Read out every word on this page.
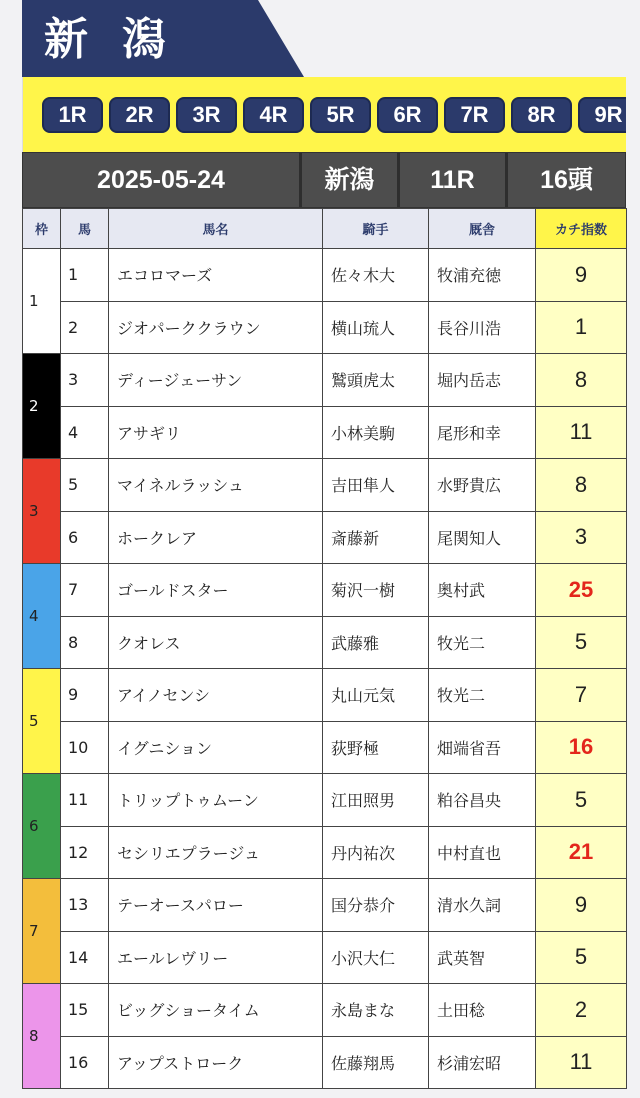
新潟
1R	2R	3R	4R	5R	6R	7R	8R	9R
2025-05-24	新潟	11R	16頭
枠	馬	馬名	騎手	厩舎	カチ指数
1	1	エコロマーズ	佐々木大	牧浦充徳	9
	2	ジオパーククラウン	横山琉人	長谷川浩	1
2	3	ディージェーサン	鷲頭虎太	堀内岳志	8
	4	アサギリ	小林美駒	尾形和幸	11
3	5	マイネルラッシュ	吉田隼人	水野貴広	8
	6	ホークレア	斎藤新	尾関知人	3
4	7	ゴールドスター	菊沢一樹	奥村武	25
	8	クオレス	武藤雅	牧光二	5
5	9	アイノセンシ	丸山元気	牧光二	7
	10	イグニション	荻野極	畑端省吾	16
6	11	トリップトゥムーン	江田照男	粕谷昌央	5
	12	セシリエプラージュ	丹内祐次	中村直也	21
7	13	テーオースパロー	国分恭介	清水久詞	9
	14	エールレヴリー	小沢大仁	武英智	5
8	15	ビッグショータイム	永島まな	土田稔	2
	16	アップストローク	佐藤翔馬	杉浦宏昭	11
